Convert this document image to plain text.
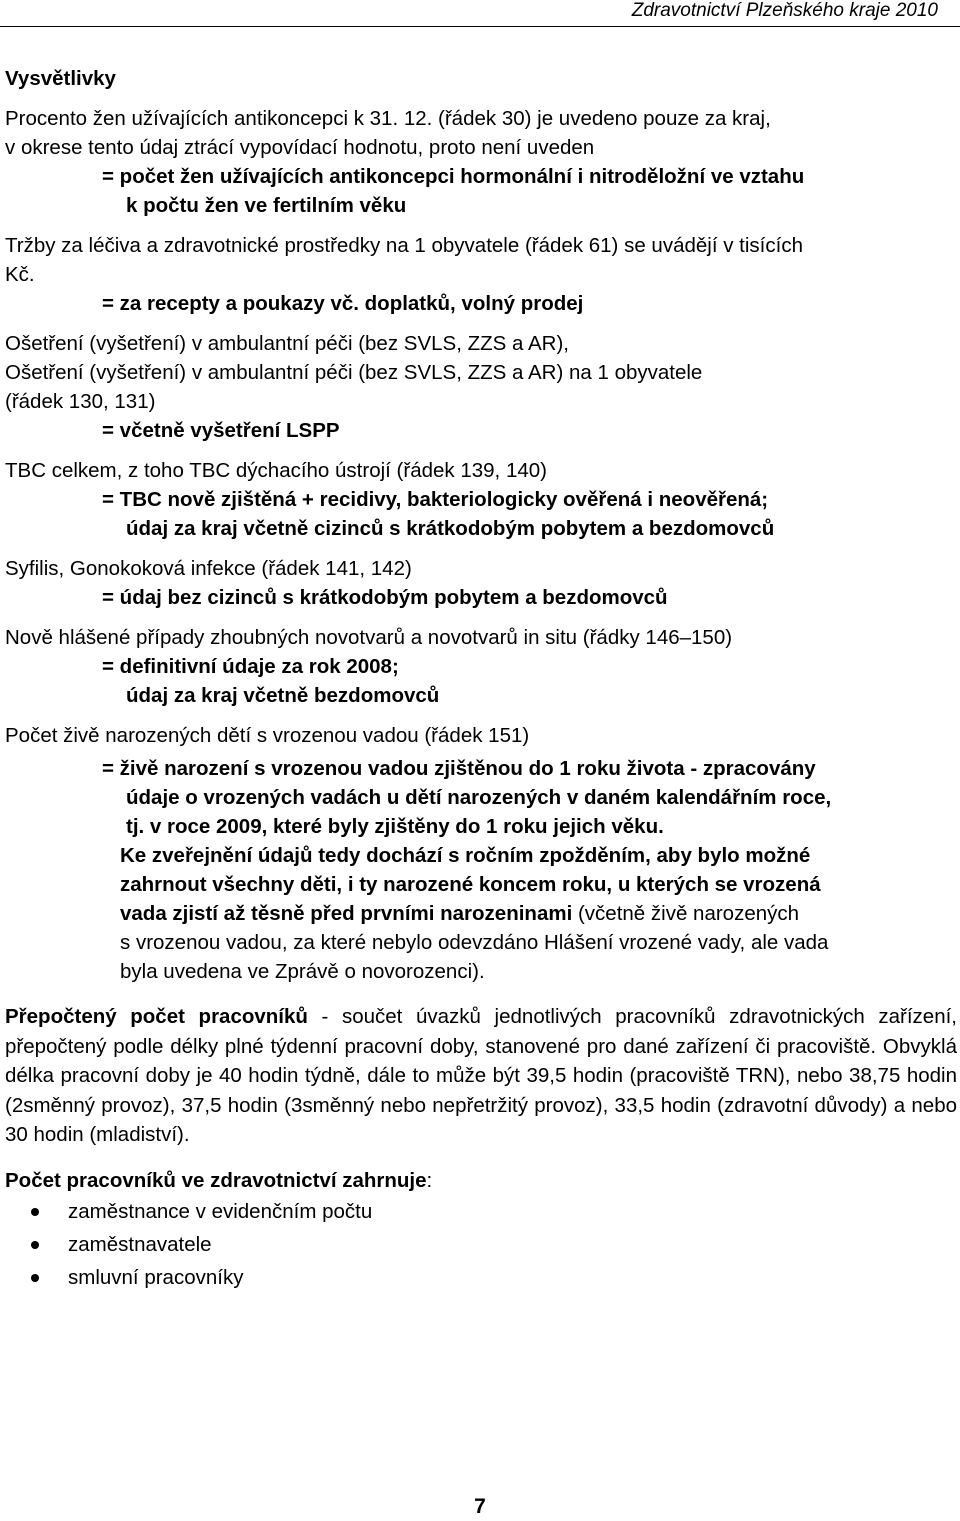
Zdravotnictví Plzeňského kraje 2010

Vysvětlivky

Procento žen užívajících antikoncepci k 31. 12. (řádek 30) je uvedeno pouze za kraj,

v okrese tento údaj ztrácí vypovídací hodnotu, proto není uveden

= počet žen užívajících antikoncepci hormonální i nitroděložní ve vztahu

k počtu žen ve fertilním věku

Tržby za léčiva a zdravotnické prostředky na 1 obyvatele (řádek 61) se uvádějí v tisících

Kč.

= za recepty a poukazy vč. doplatků, volný prodej

Ošetření (vyšetření) v ambulantní péči (bez SVLS, ZZS a AR),

Ošetření (vyšetření) v ambulantní péči (bez SVLS, ZZS a AR) na 1 obyvatele

(řádek 130, 131)

= včetně vyšetření LSPP

TBC celkem, z toho TBC dýchacího ústrojí (řádek 139, 140)

= TBC nově zjištěná + recidivy, bakteriologicky ověřená i neověřená;

údaj za kraj včetně cizinců s krátkodobým pobytem a bezdomovců

Syfilis, Gonokoková infekce (řádek 141, 142)

= údaj bez cizinců s krátkodobým pobytem a bezdomovců

Nově hlášené případy zhoubných novotvarů a novotvarů in situ (řádky 146–150)

= definitivní údaje za rok 2008;

údaj za kraj včetně bezdomovců

Počet živě narozených dětí s vrozenou vadou (řádek 151)

= živě narození s vrozenou vadou zjištěnou do 1 roku života - zpracovány

údaje o vrozených vadách u dětí narozených v daném kalendářním roce,

tj. v roce 2009, které byly zjištěny do 1 roku jejich věku.

Ke zveřejnění údajů tedy dochází s ročním zpožděním, aby bylo možné

zahrnout všechny děti, i ty narozené koncem roku, u kterých se vrozená

vada zjistí až těsně před prvními narozeninami (včetně živě narozených

s vrozenou vadou, za které nebylo odevzdáno Hlášení vrozené vady, ale vada

byla uvedena ve Zprávě o novorozenci).

Přepočtený počet pracovníků - součet úvazků jednotlivých pracovníků zdravotnických zařízení, přepočtený podle délky plné týdenní pracovní doby, stanovené pro dané zařízení či pracoviště. Obvyklá délka pracovní doby je 40 hodin týdně, dále to může být 39,5 hodin (pracoviště TRN), nebo 38,75 hodin (2směnný provoz), 37,5 hodin (3směnný nebo nepřetržitý provoz), 33,5 hodin (zdravotní důvody) a nebo 30 hodin (mladiství).

Počet pracovníků ve zdravotnictví zahrnuje:

zaměstnance v evidenčním počtu
zaměstnavatele
smluvní pracovníky
7
